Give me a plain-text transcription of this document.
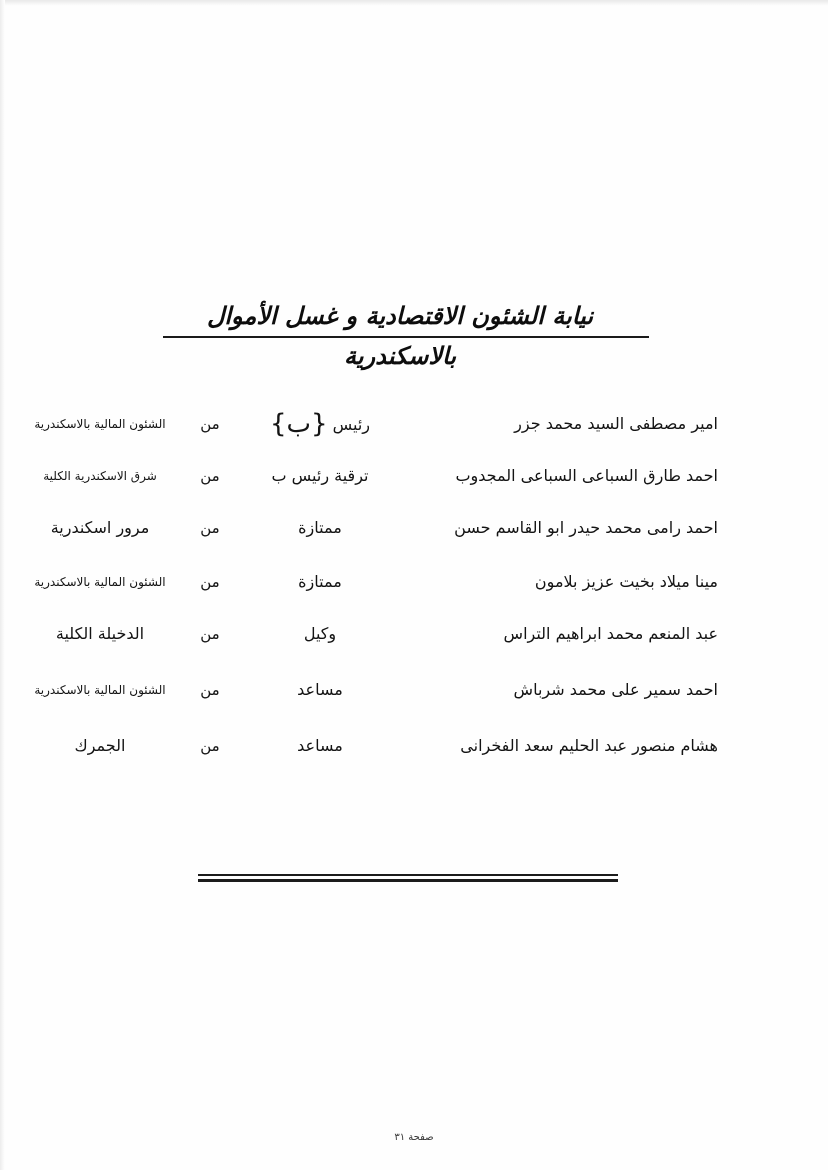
نيابة الشئون الاقتصادية و غسل الأموال بالاسكندرية
امير مصطفى السيد محمد جزر
رئيس {ب}
من
الشئون المالية بالاسكندرية
احمد طارق السباعى السباعى المجدوب
ترقية رئيس ب
من
شرق الاسكندرية الكلية
احمد رامى محمد حيدر ابو القاسم حسن
ممتازة
من
مرور اسكندرية
مينا ميلاد بخيت عزيز بلامون
ممتازة
من
الشئون المالية بالاسكندرية
عبد المنعم محمد ابراهيم التراس
وكيل
من
الدخيلة الكلية
احمد سمير على محمد شرباش
مساعد
من
الشئون المالية بالاسكندرية
هشام منصور عبد الحليم سعد الفخرانى
مساعد
من
الجمرك
صفحة ٣١
